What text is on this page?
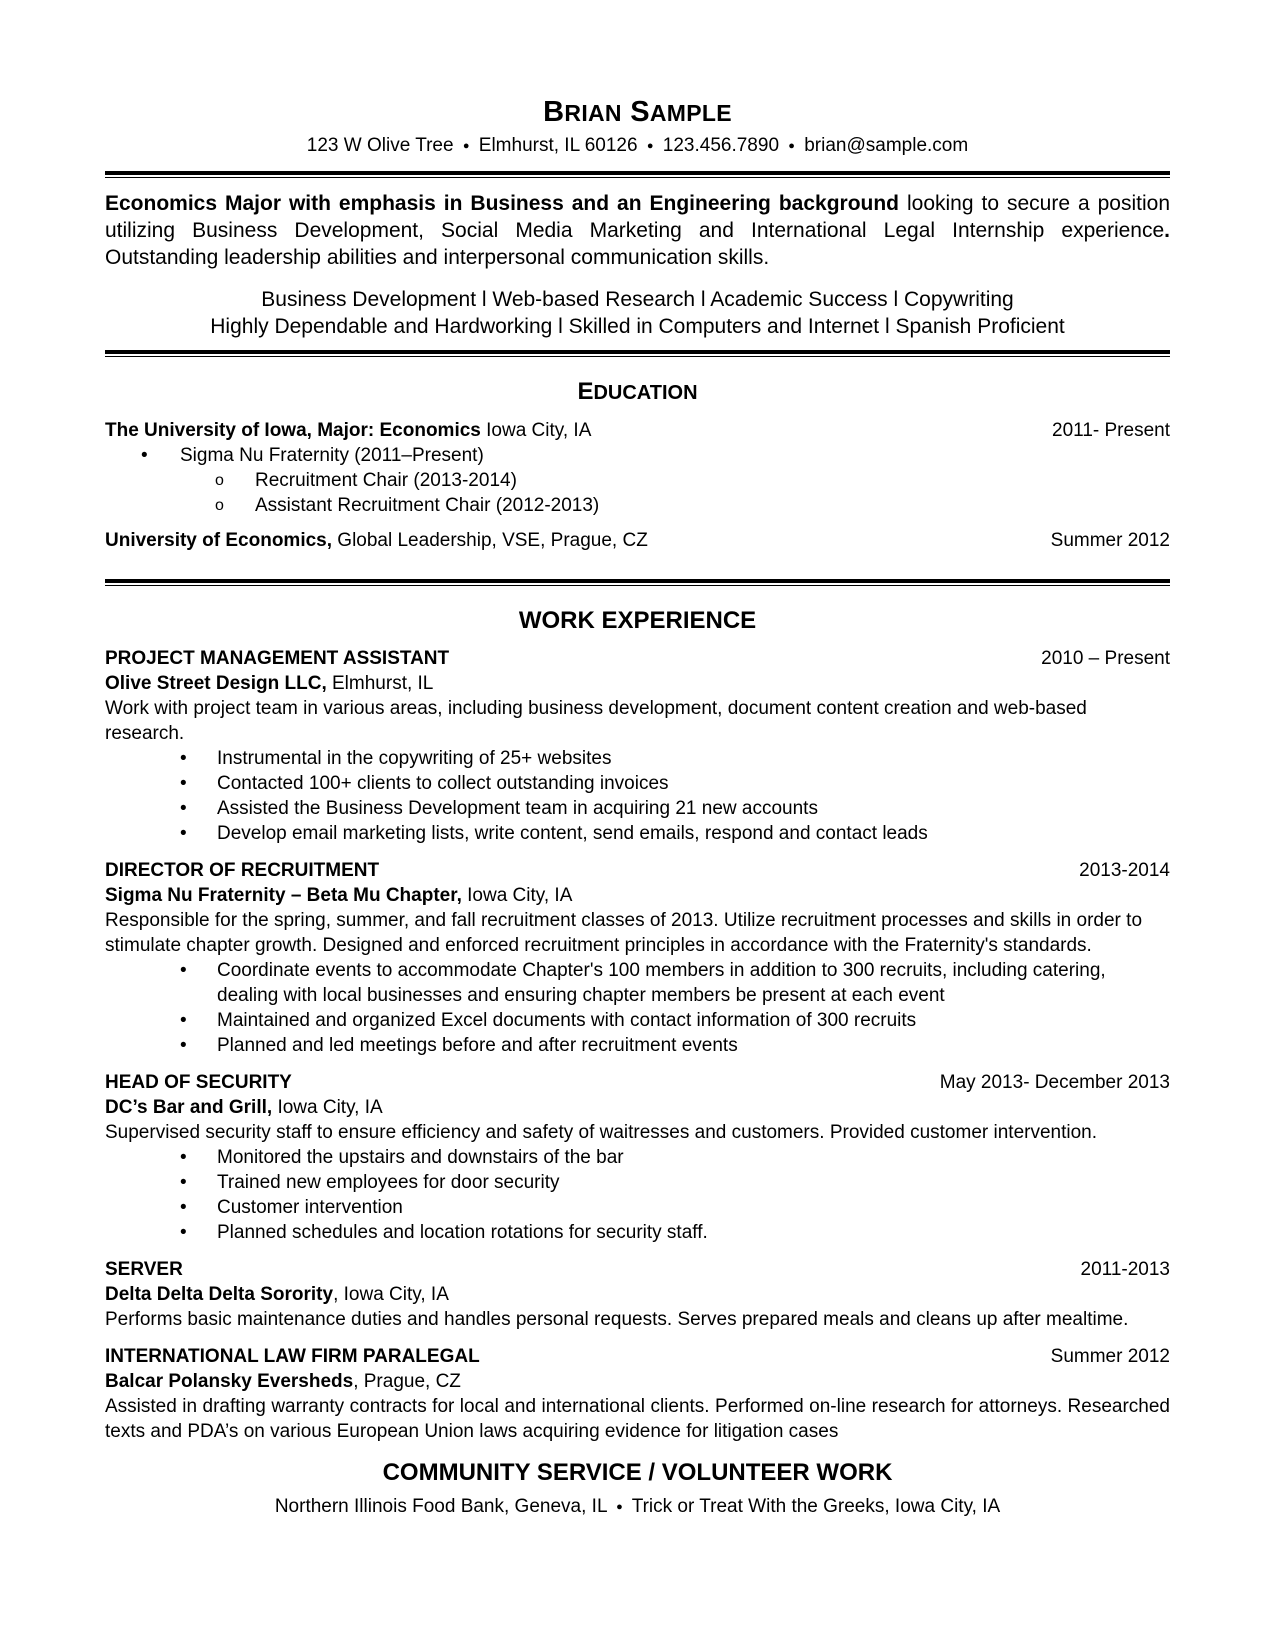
BRIAN SAMPLE
123 W Olive Tree ● Elmhurst, IL 60126 ● 123.456.7890 ● brian@sample.com
Economics Major with emphasis in Business and an Engineering background looking to secure a position utilizing Business Development, Social Media Marketing and International Legal Internship experience. Outstanding leadership abilities and interpersonal communication skills.
Business Development l Web-based Research l Academic Success l Copywriting
Highly Dependable and Hardworking l Skilled in Computers and Internet l Spanish Proficient
EDUCATION
The University of Iowa, Major: Economics Iowa City, IA	2011- Present
• Sigma Nu Fraternity (2011–Present)
o Recruitment Chair (2013-2014)
o Assistant Recruitment Chair (2012-2013)
University of Economics, Global Leadership, VSE, Prague, CZ	Summer 2012
WORK EXPERIENCE
PROJECT MANAGEMENT ASSISTANT	2010 – Present
Olive Street Design LLC, Elmhurst, IL
Work with project team in various areas, including business development, document content creation and web-based research.
• Instrumental in the copywriting of 25+ websites
• Contacted 100+ clients to collect outstanding invoices
• Assisted the Business Development team in acquiring 21 new accounts
• Develop email marketing lists, write content, send emails, respond and contact leads
DIRECTOR OF RECRUITMENT	2013-2014
Sigma Nu Fraternity – Beta Mu Chapter, Iowa City, IA
Responsible for the spring, summer, and fall recruitment classes of 2013. Utilize recruitment processes and skills in order to stimulate chapter growth. Designed and enforced recruitment principles in accordance with the Fraternity's standards.
• Coordinate events to accommodate Chapter's 100 members in addition to 300 recruits, including catering, dealing with local businesses and ensuring chapter members be present at each event
• Maintained and organized Excel documents with contact information of 300 recruits
• Planned and led meetings before and after recruitment events
HEAD OF SECURITY	May 2013- December 2013
DC’s Bar and Grill, Iowa City, IA
Supervised security staff to ensure efficiency and safety of waitresses and customers. Provided customer intervention.
• Monitored the upstairs and downstairs of the bar
• Trained new employees for door security
• Customer intervention
• Planned schedules and location rotations for security staff.
SERVER	2011-2013
Delta Delta Delta Sorority, Iowa City, IA
Performs basic maintenance duties and handles personal requests. Serves prepared meals and cleans up after mealtime.
INTERNATIONAL LAW FIRM PARALEGAL	Summer 2012
Balcar Polansky Eversheds, Prague, CZ
Assisted in drafting warranty contracts for local and international clients. Performed on-line research for attorneys. Researched texts and PDA’s on various European Union laws acquiring evidence for litigation cases
COMMUNITY SERVICE / VOLUNTEER WORK
Northern Illinois Food Bank, Geneva, IL ● Trick or Treat With the Greeks, Iowa City, IA
